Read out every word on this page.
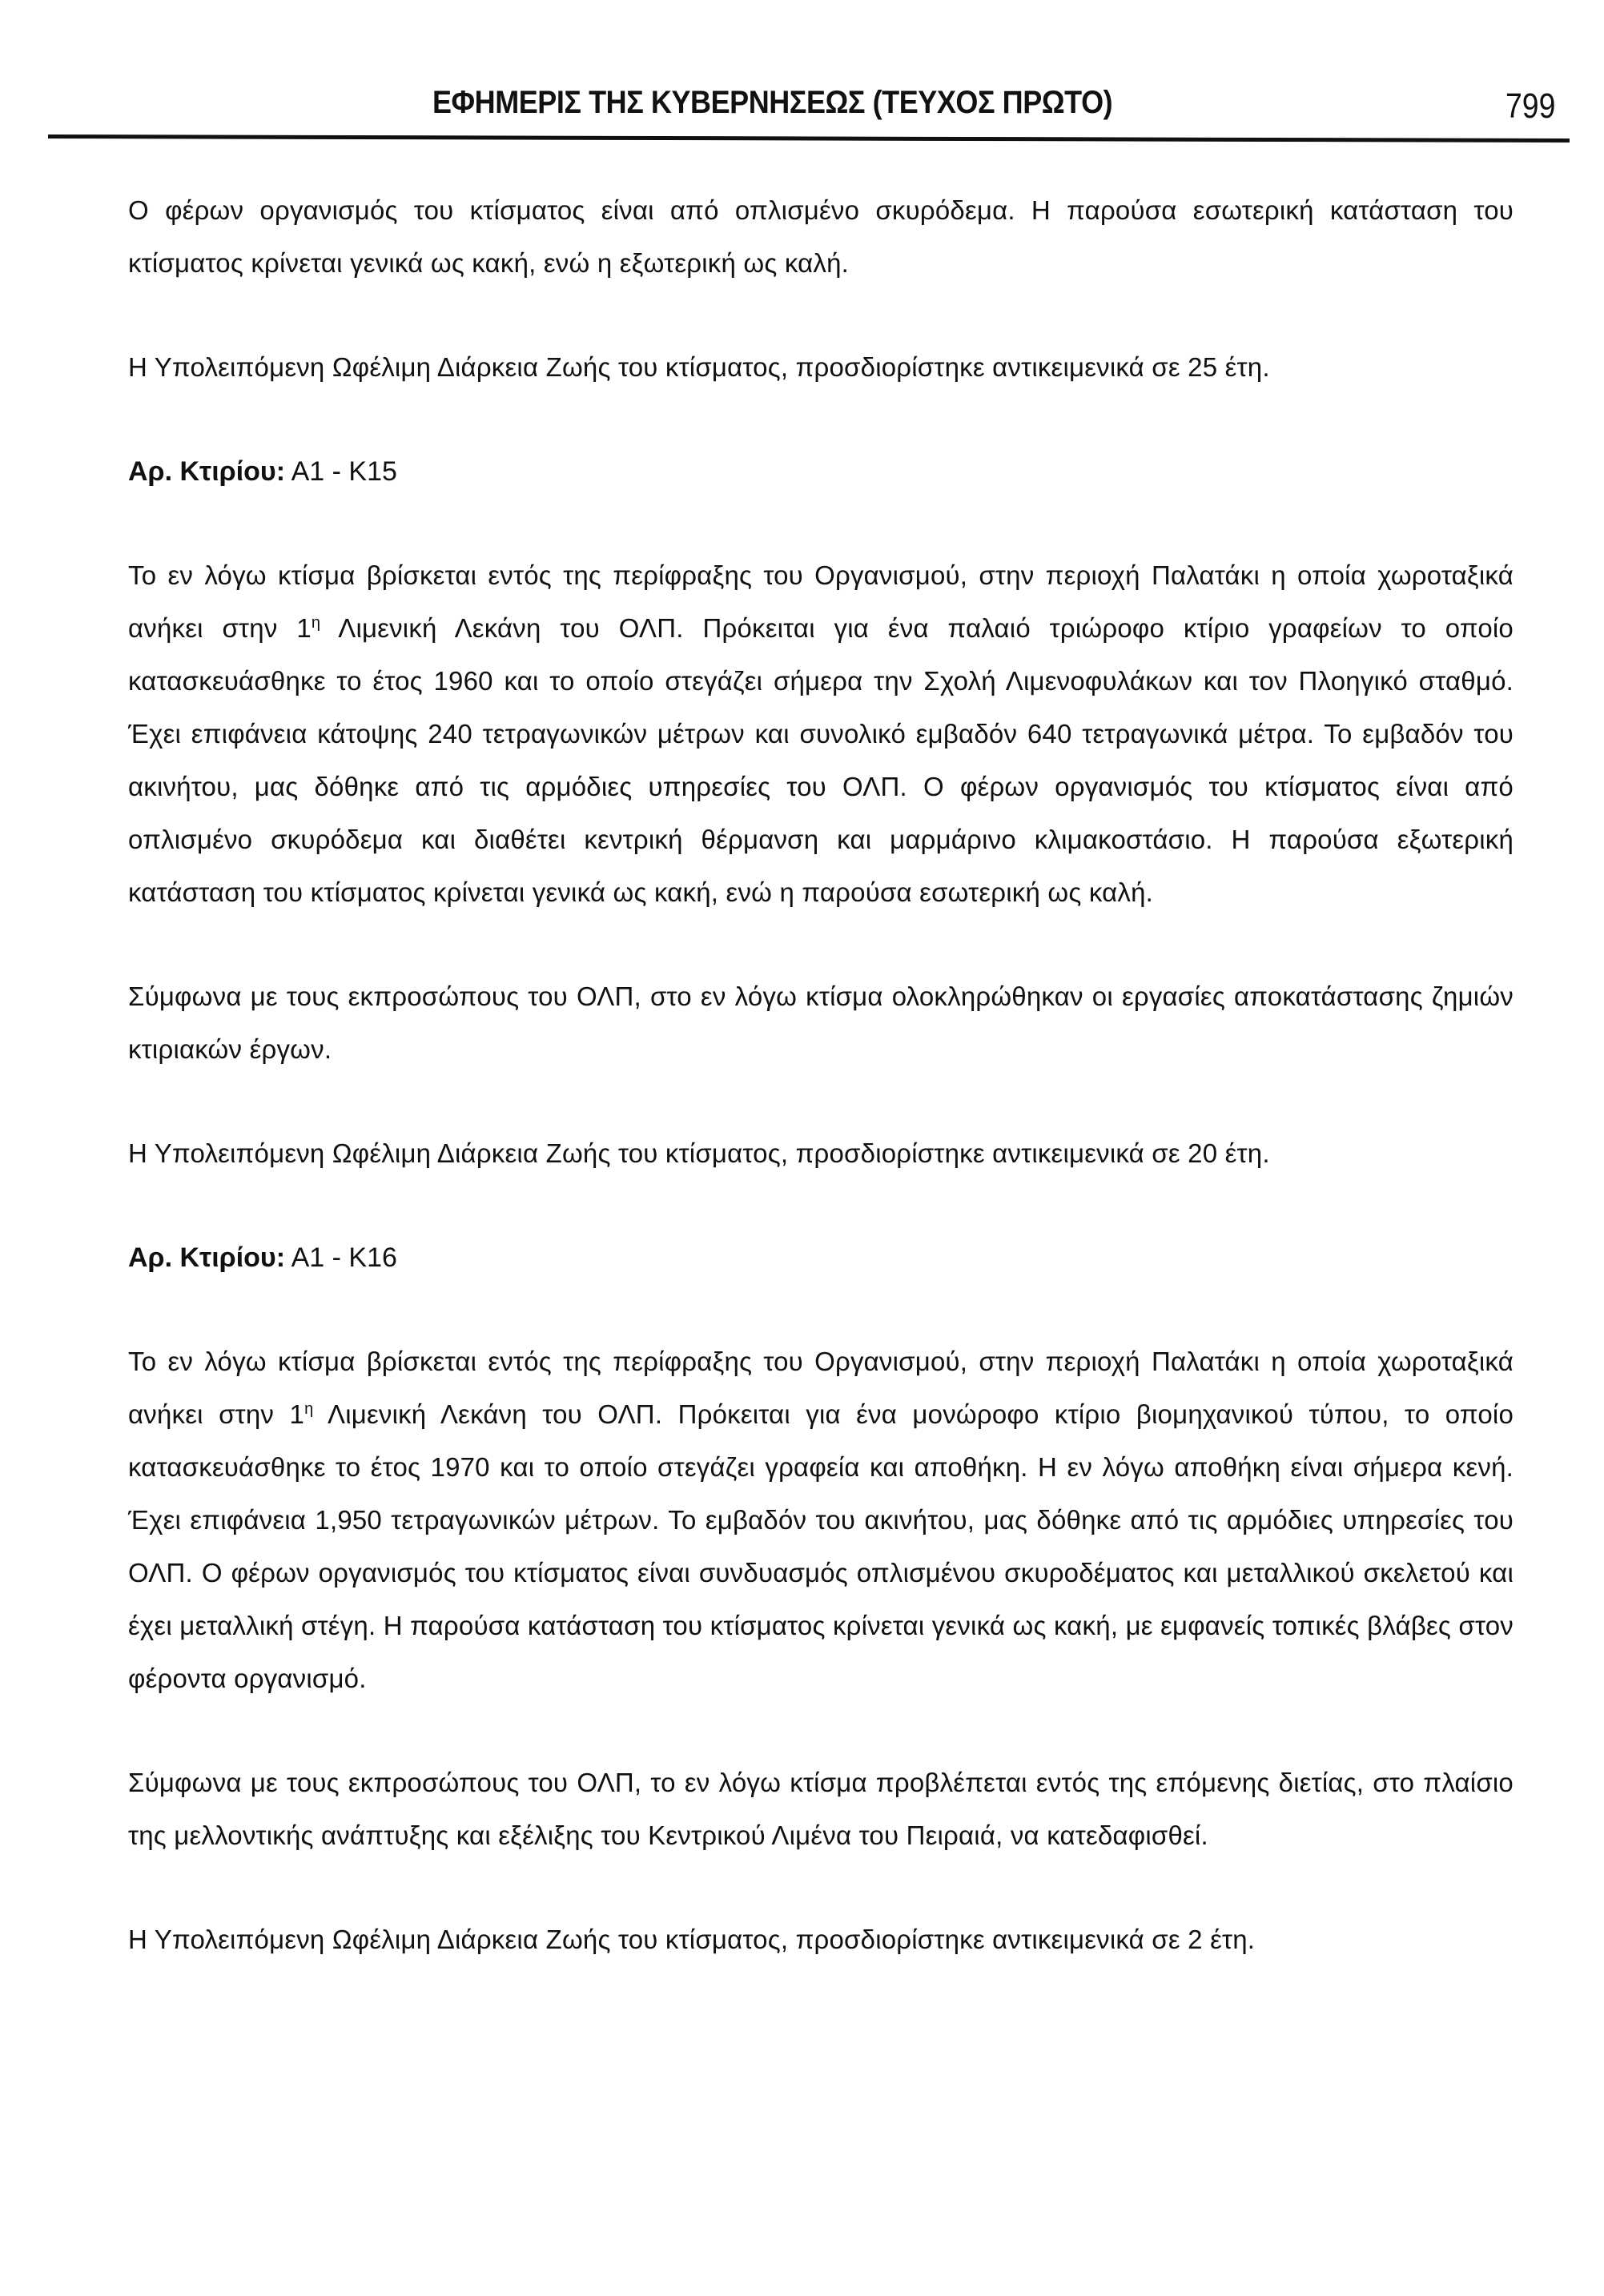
ΕΦΗΜΕΡΙΣ ΤΗΣ ΚΥΒΕΡΝΗΣΕΩΣ (ΤΕΥΧΟΣ ΠΡΩΤΟ)	799

Ο φέρων οργανισμός του κτίσματος είναι από οπλισμένο σκυρόδεμα. Η παρούσα εσωτερική κατάσταση του κτίσματος κρίνεται γενικά ως κακή, ενώ η εξωτερική ως καλή.

Η Υπολειπόμενη Ωφέλιμη Διάρκεια Ζωής του κτίσματος, προσδιορίστηκε αντικειμενικά σε 25 έτη.

Αρ. Κτιρίου: Α1 - Κ15

Το εν λόγω κτίσμα βρίσκεται εντός της περίφραξης του Οργανισμού, στην περιοχή Παλατάκι η οποία χωροταξικά ανήκει στην $1^\eta$ Λιμενική Λεκάνη του ΟΛΠ. Πρόκειται για ένα παλαιό τριώροφο κτίριο γραφείων το οποίο κατασκευάσθηκε το έτος 1960 και το οποίο στεγάζει σήμερα την Σχολή Λιμενοφυλάκων και τον Πλοηγικό σταθμό. Έχει επιφάνεια κάτοψης 240 τετραγωνικών μέτρων και συνολικό εμβαδόν 640 τετραγωνικά μέτρα. Το εμβαδόν του ακινήτου, μας δόθηκε από τις αρμόδιες υπηρεσίες του ΟΛΠ. Ο φέρων οργανισμός του κτίσματος είναι από οπλισμένο σκυρόδεμα και διαθέτει κεντρική θέρμανση και μαρμάρινο κλιμακοστάσιο. Η παρούσα εξωτερική κατάσταση του κτίσματος κρίνεται γενικά ως κακή, ενώ η παρούσα εσωτερική ως καλή.

Σύμφωνα με τους εκπροσώπους του ΟΛΠ, στο εν λόγω κτίσμα ολοκληρώθηκαν οι εργασίες αποκατάστασης ζημιών κτιριακών έργων.

Η Υπολειπόμενη Ωφέλιμη Διάρκεια Ζωής του κτίσματος, προσδιορίστηκε αντικειμενικά σε 20 έτη.

Αρ. Κτιρίου: Α1 - Κ16

Το εν λόγω κτίσμα βρίσκεται εντός της περίφραξης του Οργανισμού, στην περιοχή Παλατάκι η οποία χωροταξικά ανήκει στην $1^\eta$ Λιμενική Λεκάνη του ΟΛΠ. Πρόκειται για ένα μονώροφο κτίριο βιομηχανικού τύπου, το οποίο κατασκευάσθηκε το έτος 1970 και το οποίο στεγάζει γραφεία και αποθήκη. Η εν λόγω αποθήκη είναι σήμερα κενή. Έχει επιφάνεια 1,950 τετραγωνικών μέτρων. Το εμβαδόν του ακινήτου, μας δόθηκε από τις αρμόδιες υπηρεσίες του ΟΛΠ. Ο φέρων οργανισμός του κτίσματος είναι συνδυασμός οπλισμένου σκυροδέματος και μεταλλικού σκελετού και έχει μεταλλική στέγη. Η παρούσα κατάσταση του κτίσματος κρίνεται γενικά ως κακή, με εμφανείς τοπικές βλάβες στον φέροντα οργανισμό.

Σύμφωνα με τους εκπροσώπους του ΟΛΠ, το εν λόγω κτίσμα προβλέπεται εντός της επόμενης διετίας, στο πλαίσιο της μελλοντικής ανάπτυξης και εξέλιξης του Κεντρικού Λιμένα του Πειραιά, να κατεδαφισθεί.

Η Υπολειπόμενη Ωφέλιμη Διάρκεια Ζωής του κτίσματος, προσδιορίστηκε αντικειμενικά σε 2 έτη.
